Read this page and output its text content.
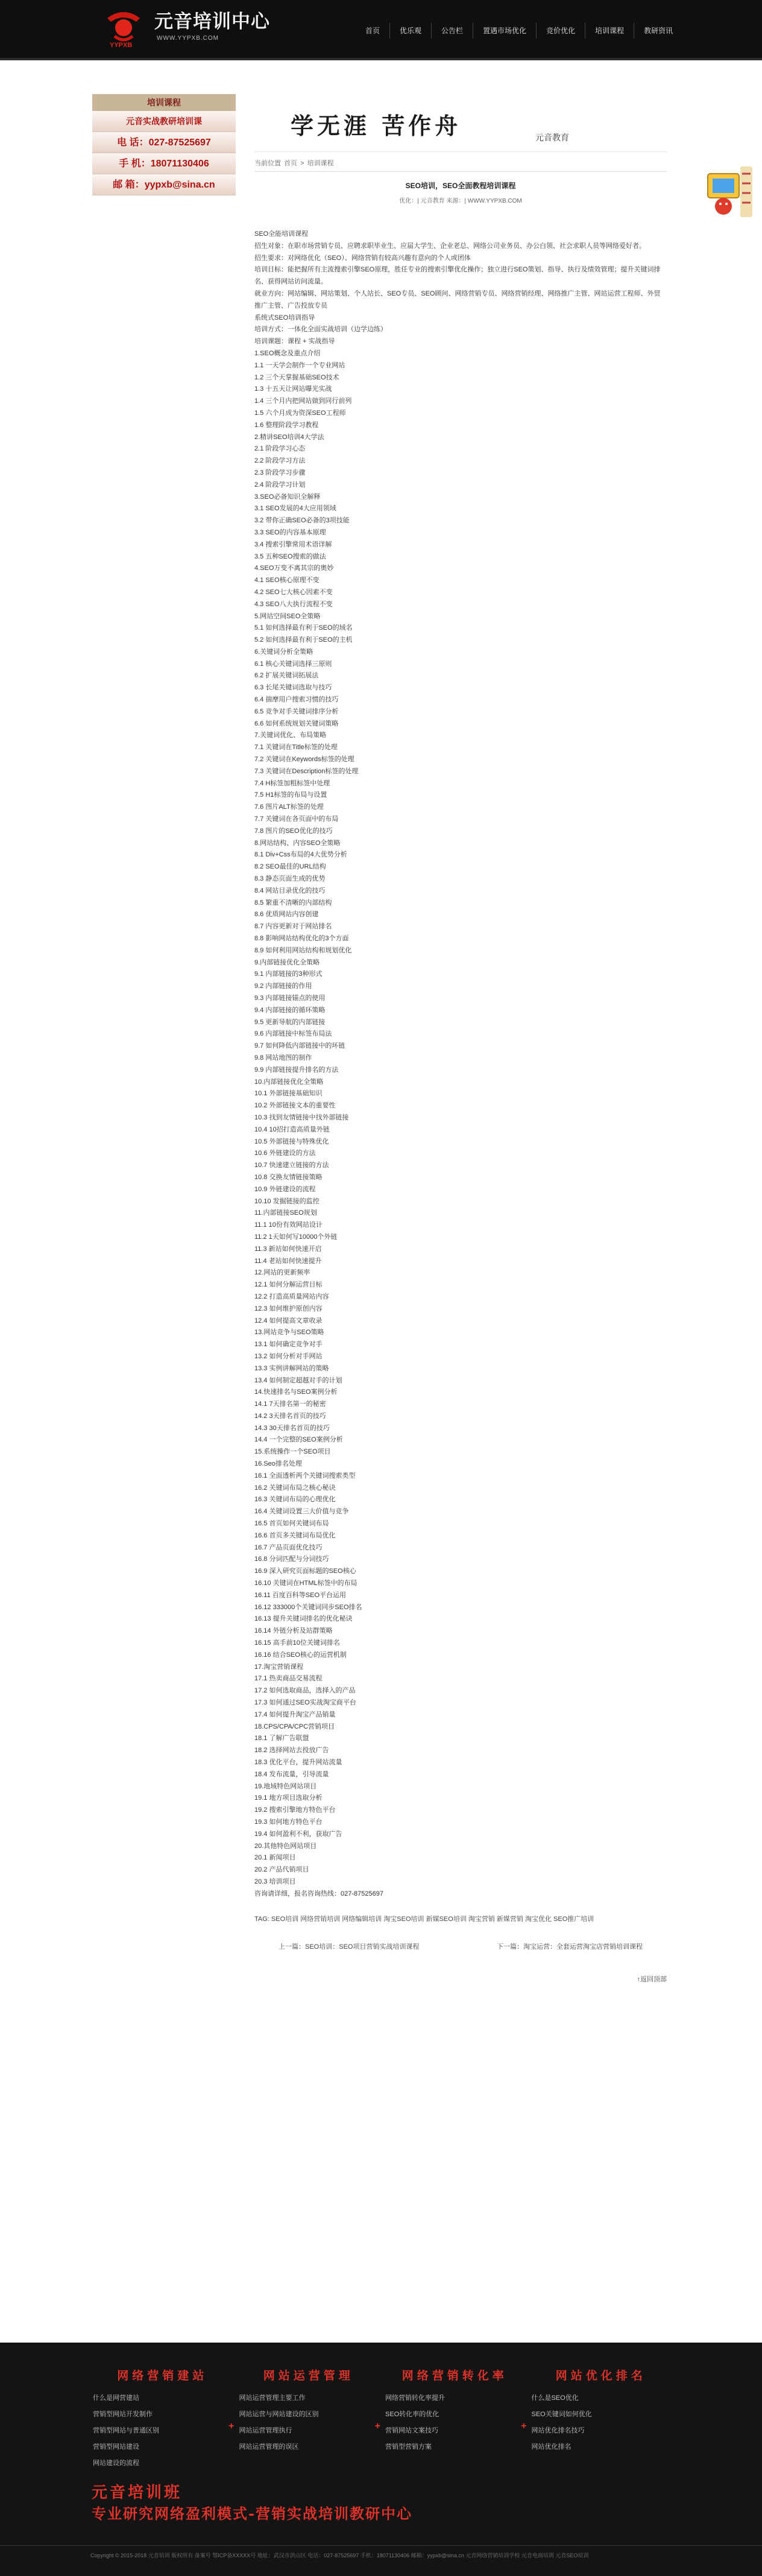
YYPXB
元音培训中心
WWW.YYPXB.COM
首页	优乐观	公告栏	置遇市场优化	竞价优化	培训课程	教研资讯
培训课程
元音实战教研培训课
电 话：027-87525697
手 机：18071130406
邮 箱：yypxb@sina.cn
学无涯 苦作舟	元音教育
当前位置 首页 > 培训课程
SEO培训，SEO全面教程培训课程
优化：| 元音教育 来源：| WWW.YYPXB.COM

SEO全能培训课程

招生对象：在职市场营销专员、应聘求职毕业生、应届大学生、企业老总、网络公司业务员、办公白领、社会求职人员等网络爱好者。

招生要求：对网络优化（SEO）、网络营销有较高兴趣有意向的个人或团体

培训目标：能把握所有主流搜索引擎SEO原理，胜任专业的搜索引擎优化操作；独立进行SEO策划、指导、执行及绩效管理；提升关键词排名、获得网站访问流量。

就业方向：网站编辑、网站策划、个人站长、SEO专员、SEO顾问、网络营销专员、网络营销经理、网络推广主管、网站运营工程师、外贸推广主管、广告投放专员

系统式SEO培训指导

培训方式：一体化全面实战培训（边学边练）

培训课题：课程 + 实战指导

1.SEO概念及重点介绍

1.1 一天学会制作一个专业网站

1.2 三个天掌握基础SEO技术

1.3 十五天让网站曝光实战

1.4 三个月内把网站做到同行前列

1.5 六个月成为资深SEO工程师

1.6 整理阶段学习教程

2.精讲SEO培训4大学法

2.1 阶段学习心态

2.2 阶段学习方法

2.3 阶段学习步骤

2.4 阶段学习计划

3.SEO必备知识全解释

3.1 SEO发展的4大应用领域

3.2 带你正确SEO必备的3项技能

3.3 SEO的内容基本原理

3.4 搜索引擎常用术语详解

3.5 五种SEO搜索的做法

4.SEO万变不离其宗的奥妙

4.1 SEO核心原理不变

4.2 SEO七大核心因素不变

4.3 SEO八大执行流程不变

5.网站空间SEO全策略

5.1 如何选择最有利于SEO的域名

5.2 如何选择最有利于SEO的主机

6.关键词分析全策略

6.1 核心关键词选择三原则

6.2 扩展关键词拓展法

6.3 长尾关键词选取与技巧

6.4 揣摩用户搜索习惯的技巧

6.5 竞争对手关键词排序分析

6.6 如何系统规划关键词策略

7.关键词优化、布局策略

7.1 关键词在Title标签的处理

7.2 关键词在Keywords标签的处理

7.3 关键词在Description标签的处理

7.4 H标签加粗标签中处理

7.5 H1标签的布局与设置

7.6 图片ALT标签的处理

7.7 关键词在各页面中的布局

7.8 图片的SEO优化的技巧

8.网站结构、内容SEO全策略

8.1 Div+Css布局的4大优势分析

8.2 SEO最佳的URL结构

8.3 静态页面生成的优势

8.4 网站目录优化的技巧

8.5 繁重不清晰的内部结构

8.6 优质网站内容创建

8.7 内容更新对于网站排名

8.8 影响网站结构优化的3个方面

8.9 如何利用网站结构和规划优化

9.内部链接优化全策略

9.1 内部链接的3种形式

9.2 内部链接的作用

9.3 内部链接锚点的使用

9.4 内部链接的循环策略

9.5 更新导航的内部链接

9.6 内部链接中标签布局法

9.7 如何降低内部链接中的坏链

9.8 网站地图的制作

9.9 内部链接提升排名的方法

10.内部链接优化全策略

10.1 外部链接基础知识

10.2 外部链接文本的重要性

10.3 找到友情链接中找外部链接

10.4 10招打造高质量外链

10.5 外部链接与特殊优化

10.6 外链建设的方法

10.7 快速建立链接的方法

10.8 交换友情链接策略

10.9 外链建设的流程

10.10 发掘链接的监控

11.内部链接SEO规划

11.1 10份有效网站设计

11.2 1天如何写10000个外链

11.3 新站如何快速开启

11.4 老站如何快速提升

12.网站的更新频率

12.1 如何分解运营目标

12.2 打造高质量网站内容

12.3 如何维护原创内容

12.4 如何提高文章收录

13.网站竞争与SEO策略

13.1 如何确定竞争对手

13.2 如何分析对手网站

13.3 实例讲解网站的策略

13.4 如何制定超越对手的计划

14.快速排名与SEO案例分析

14.1 7天排名第一的秘密

14.2 3天排名首页的技巧

14.3 30天排名首页的技巧

14.4 一个完整的SEO案例分析

15.系统操作一个SEO项目

16.Seo排名处理

16.1 全面透析两个关键词搜索类型

16.2 关键词布局之核心秘诀

16.3 关键词布局的心理优化

16.4 关键词设置三大价值与竞争

16.5 首页如何关键词布局

16.6 首页多关键词布局优化

16.7 产品页面优化技巧

16.8 分词匹配与分词技巧

16.9 深入研究页面标题的SEO核心

16.10 关键词在HTML标签中的布局

16.11 百度百科等SEO平台运用

16.12 333000个关键词同步SEO排名

16.13 提升关键词排名的优化秘诀

16.14 外链分析及站群策略

16.15 高手前10位关键词排名

16.16 结合SEO核心的运营机制

17.淘宝营销课程

17.1 热卖商品交易流程

17.2 如何选取商品，选择入的产品

17.3 如何通过SEO实战淘宝商平台

17.4 如何提升淘宝产品销量

18.CPS/CPA/CPC营销项目

18.1 了解广告联盟

18.2 选择网站去投放广告

18.3 优化平台，提升网站流量

18.4 发布流量，引导流量

19.地域特色网站项目

19.1 地方项目选取分析

19.2 搜索引擎地方特色平台

19.3 如何地方特色平台

19.4 如何盈利不利，获取广告

20.其他特色网站项目

20.1 新闻项目

20.2 产品代销项目

20.3 培训项目

咨询请详细，报名咨询热线：027-87525697

TAG: SEO培训 网络营销培训 网络编辑培训 淘宝SEO培训 新媒SEO培训 淘宝营销 新媒营销 淘宝优化 SEO推广培训
上一篇：SEO培训：SEO项目营销实战培训课程	下一篇：淘宝运营：全套运营淘宝店营销培训课程
↑返回顶部
网络营销建站
什么是网营建站
营销型网站开发制作
营销型网站与普通区别
营销型网站建设
网站建设的流程
+
网站运营管理
网站运营管理主要工作
网站运营与网站建设的区别
网站运营管理执行
网站运营管理的误区
+
网络营销转化率
网络营销转化率提升
SEO转化率的优化
营销网站文案技巧
营销型营销方案
+
网站优化排名
什么是SEO优化
SEO关键词如何优化
网站优化排名技巧
网站优化排名
元音培训班
专业研究网络盈利模式-营销实战培训教研中心
Copyright © 2015-2018 元音培训 版权所有 备案号 鄂ICP备XXXXX号 地址：武汉市洪山区 电话：027-87525697 手机：18071130406 邮箱：yypxb@sina.cn 元音网络营销培训学校 元音电商培训 元音SEO培训
